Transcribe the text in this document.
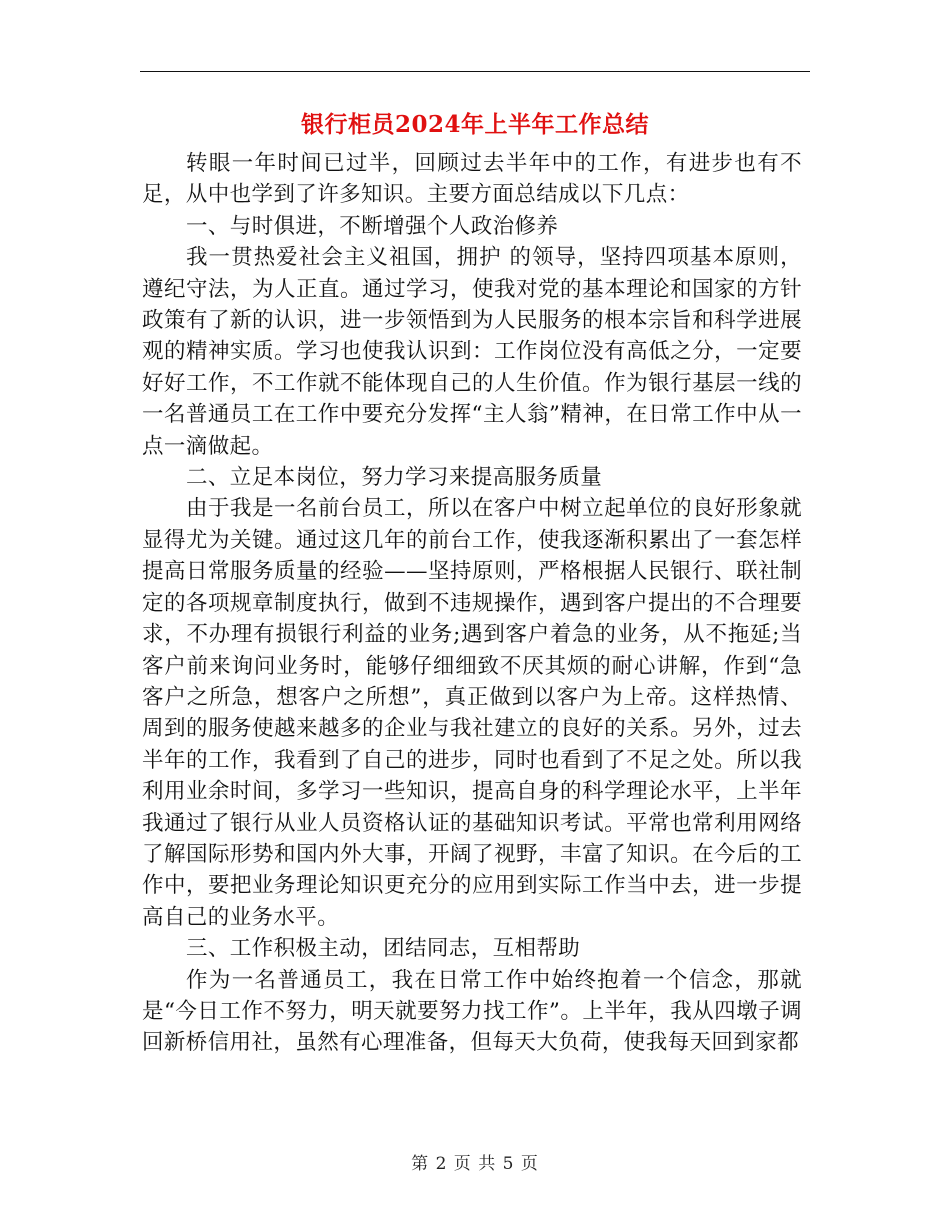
银行柜员2024年上半年工作总结

转眼一年时间已过半，回顾过去半年中的工作，有进步也有不足，从中也学到了许多知识。主要方面总结成以下几点：

一、与时俱进，不断增强个人政治修养

我一贯热爱社会主义祖国，拥护 的领导，坚持四项基本原则，遵纪守法，为人正直。通过学习，使我对党的基本理论和国家的方针政策有了新的认识，进一步领悟到为人民服务的根本宗旨和科学进展观的精神实质。学习也使我认识到：工作岗位没有高低之分，一定要好好工作，不工作就不能体现自己的人生价值。作为银行基层一线的一名普通员工在工作中要充分发挥“主人翁”精神，在日常工作中从一点一滴做起。

二、立足本岗位，努力学习来提高服务质量

由于我是一名前台员工，所以在客户中树立起单位的良好形象就显得尤为关键。通过这几年的前台工作，使我逐渐积累出了一套怎样提高日常服务质量的经验——坚持原则，严格根据人民银行、联社制定的各项规章制度执行，做到不违规操作，遇到客户提出的不合理要求，不办理有损银行利益的业务;遇到客户着急的业务，从不拖延;当客户前来询问业务时，能够仔细细致不厌其烦的耐心讲解，作到“急客户之所急，想客户之所想”，真正做到以客户为上帝。这样热情、周到的服务使越来越多的企业与我社建立的良好的关系。另外，过去半年的工作，我看到了自己的进步，同时也看到了不足之处。所以我利用业余时间，多学习一些知识，提高自身的科学理论水平，上半年我通过了银行从业人员资格认证的基础知识考试。平常也常利用网络了解国际形势和国内外大事，开阔了视野，丰富了知识。在今后的工作中，要把业务理论知识更充分的应用到实际工作当中去，进一步提高自己的业务水平。

三、工作积极主动，团结同志，互相帮助

作为一名普通员工，我在日常工作中始终抱着一个信念，那就是“今日工作不努力，明天就要努力找工作”。上半年，我从四墩子调回新桥信用社，虽然有心理准备，但每天大负荷，使我每天回到家都

第 2 页 共 5 页
